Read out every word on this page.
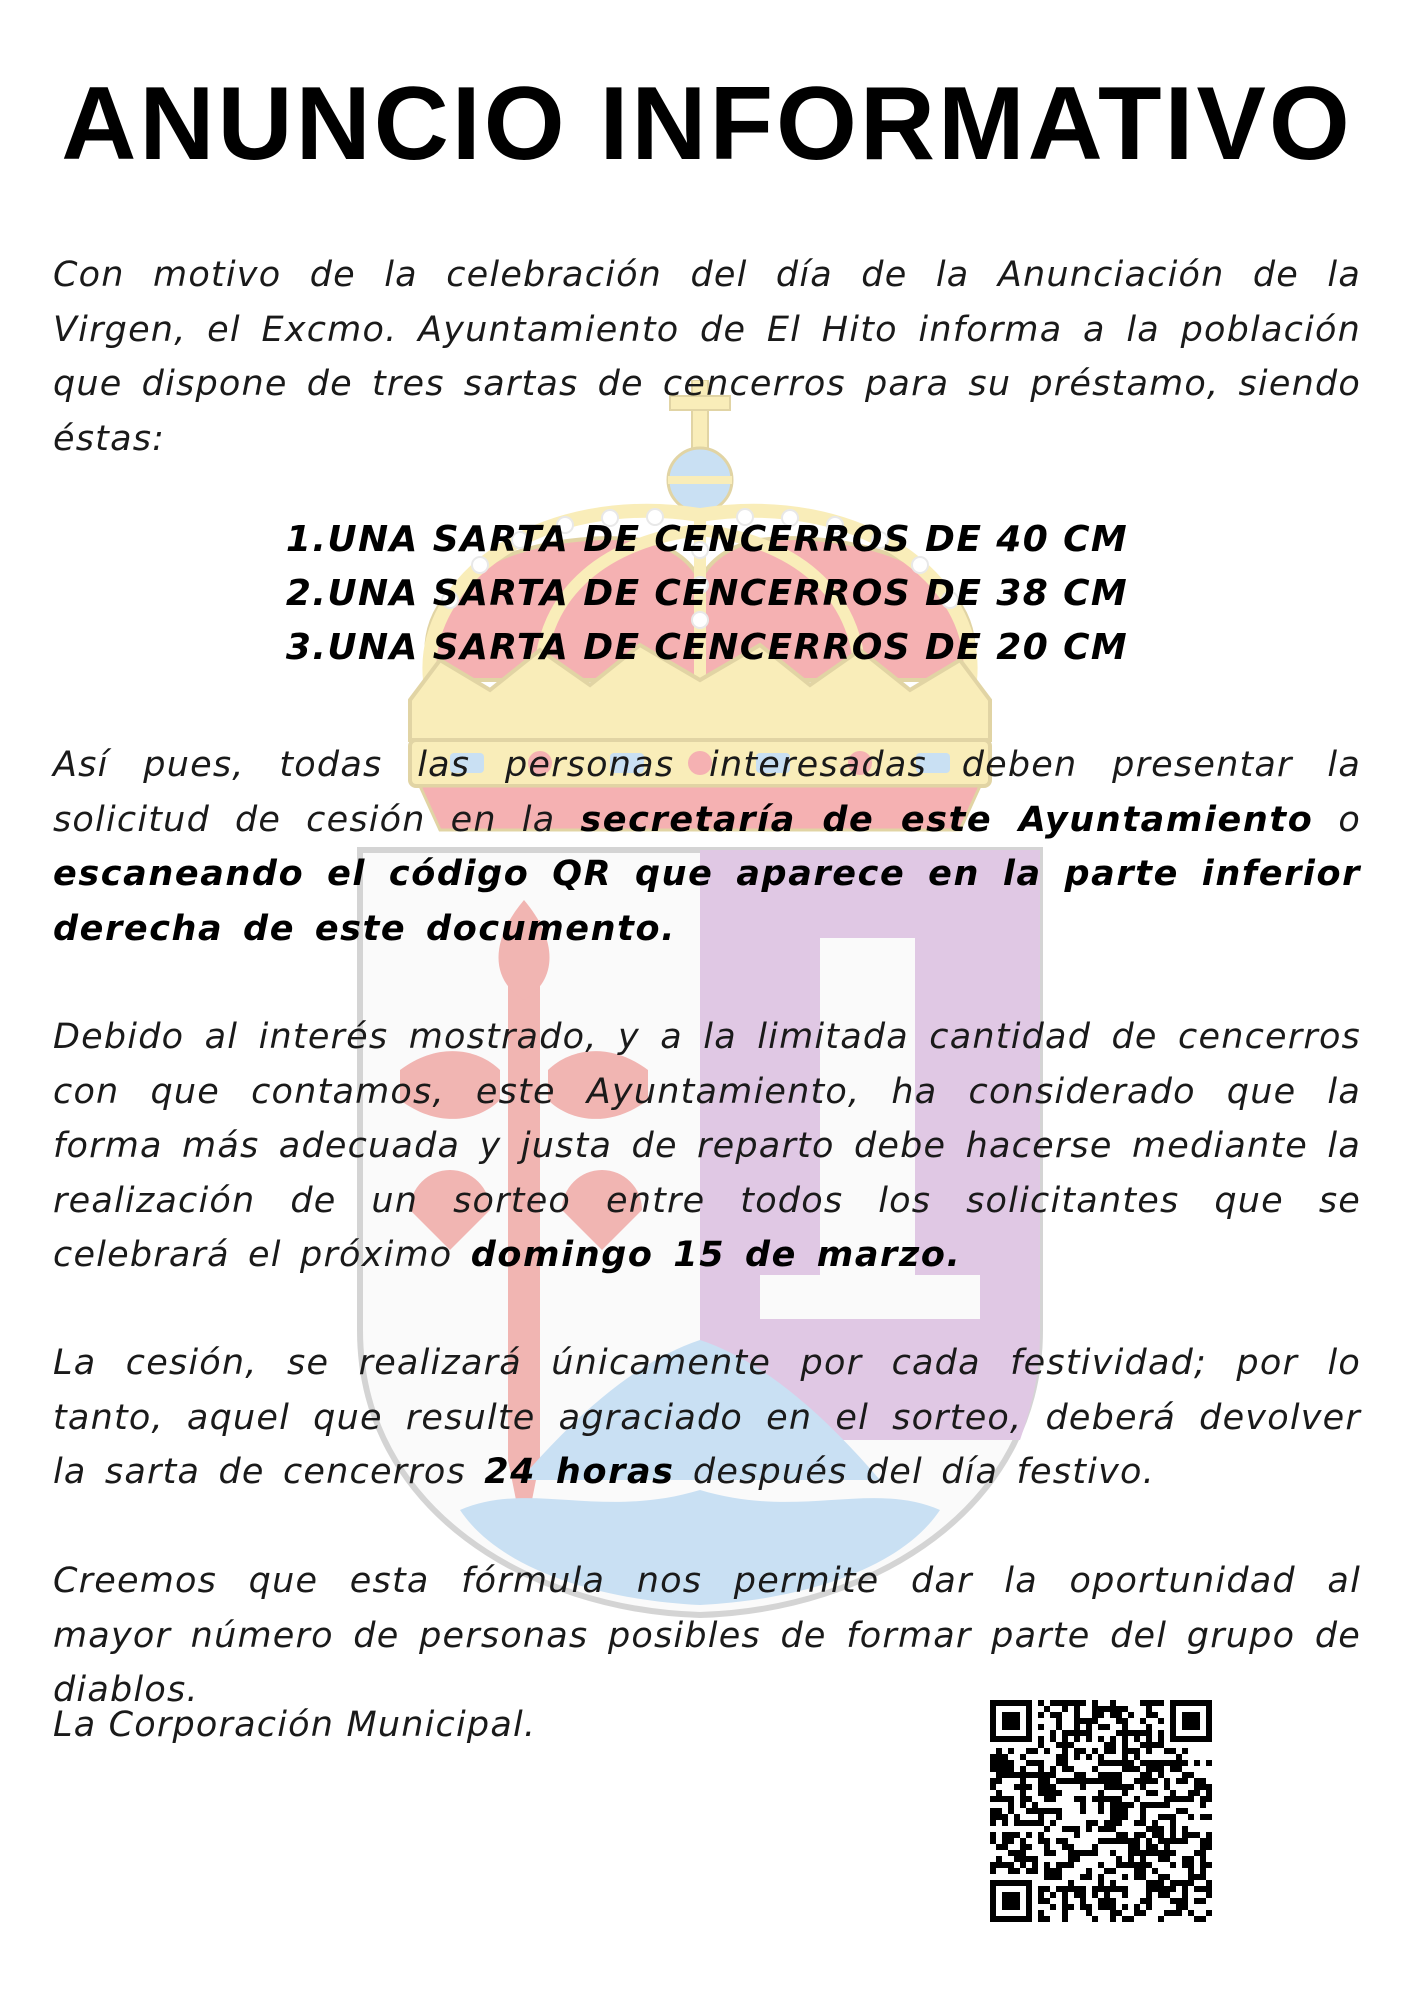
ANUNCIO INFORMATIVO

Con motivo de la celebración del día de la Anunciación de la Virgen, el Excmo. Ayuntamiento de El Hito informa a la población que dispone de tres sartas de cencerros para su préstamo, siendo éstas:

1.UNA SARTA DE CENCERROS DE 40 CM
2.UNA SARTA DE CENCERROS DE 38 CM
3.UNA SARTA DE CENCERROS DE 20 CM

Así pues, todas las personas interesadas deben presentar la solicitud de cesión en la secretaría de este Ayuntamiento o escaneando el código QR que aparece en la parte inferior derecha de este documento.

Debido al interés mostrado, y a la limitada cantidad de cencerros con que contamos, este Ayuntamiento, ha considerado que la forma más adecuada y justa de reparto debe hacerse mediante la realización de un sorteo entre todos los solicitantes que se celebrará el próximo domingo 15 de marzo.

La cesión, se realizará únicamente por cada festividad; por lo tanto, aquel que resulte agraciado en el sorteo, deberá devolver la sarta de cencerros 24 horas después del día festivo.

Creemos que esta fórmula nos permite dar la oportunidad al mayor número de personas posibles de formar parte del grupo de diablos.

La Corporación Municipal.
